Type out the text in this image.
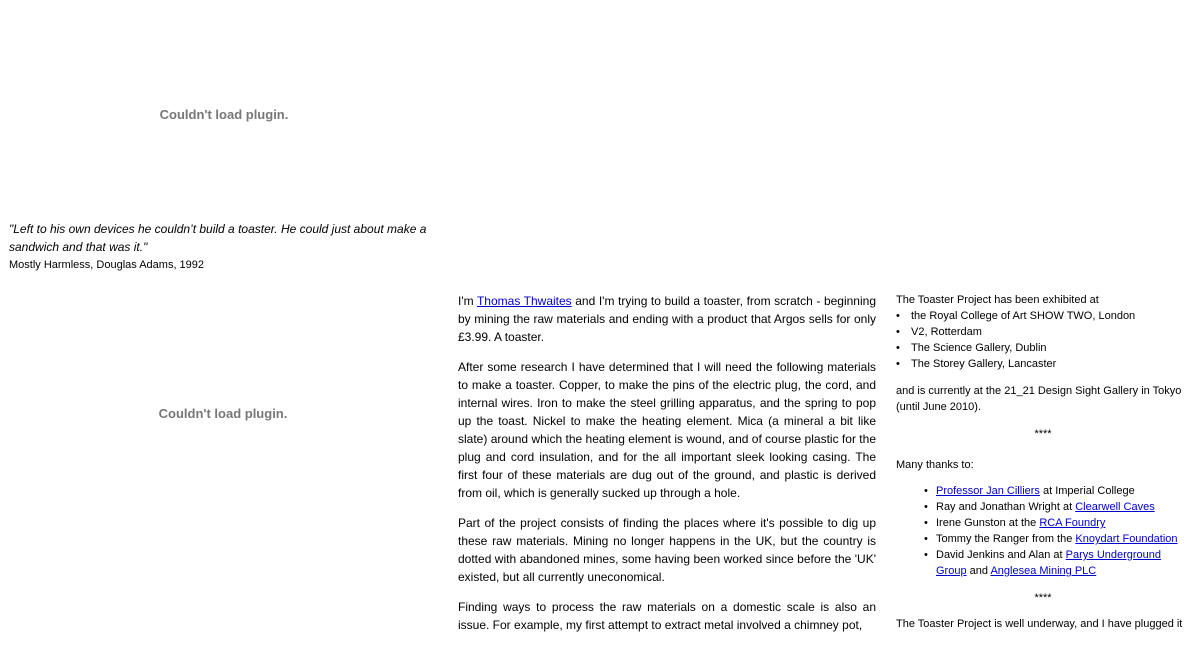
Couldn't load plugin.
"Left to his own devices he couldn’t build a toaster. He could just about make a sandwich and that was it."
Mostly Harmless, Douglas Adams, 1992
Couldn't load plugin.

I'm Thomas Thwaites and I'm trying to build a toaster, from scratch - beginning by mining the raw materials and ending with a product that Argos sells for only £3.99. A toaster.

After some research I have determined that I will need the following materials to make a toaster. Copper, to make the pins of the electric plug, the cord, and internal wires. Iron to make the steel grilling apparatus, and the spring to pop up the toast. Nickel to make the heating element. Mica (a mineral a bit like slate) around which the heating element is wound, and of course plastic for the plug and cord insulation, and for the all important sleek looking casing. The first four of these materials are dug out of the ground, and plastic is derived from oil, which is generally sucked up through a hole.

Part of the project consists of finding the places where it's possible to dig up these raw materials. Mining no longer happens in the UK, but the country is dotted with abandoned mines, some having been worked since before the 'UK' existed, but all currently uneconomical.

Finding ways to process the raw materials on a domestic scale is also an issue. For example, my first attempt to extract metal involved a chimney pot,

The Toaster Project has been exhibited at

• the Royal College of Art SHOW TWO, London
• V2, Rotterdam
• The Science Gallery, Dublin
• The Storey Gallery, Lancaster

and is currently at the 21_21 Design Sight Gallery in Tokyo (until June 2010).

****

Many thanks to:

• Professor Jan Cilliers at Imperial College
• Ray and Jonathan Wright at Clearwell Caves
• Irene Gunston at the RCA Foundry
• Tommy the Ranger from the Knoydart Foundation
• David Jenkins and Alan at Parys Underground Group and Anglesea Mining PLC

****

The Toaster Project is well underway, and I have plugged it
